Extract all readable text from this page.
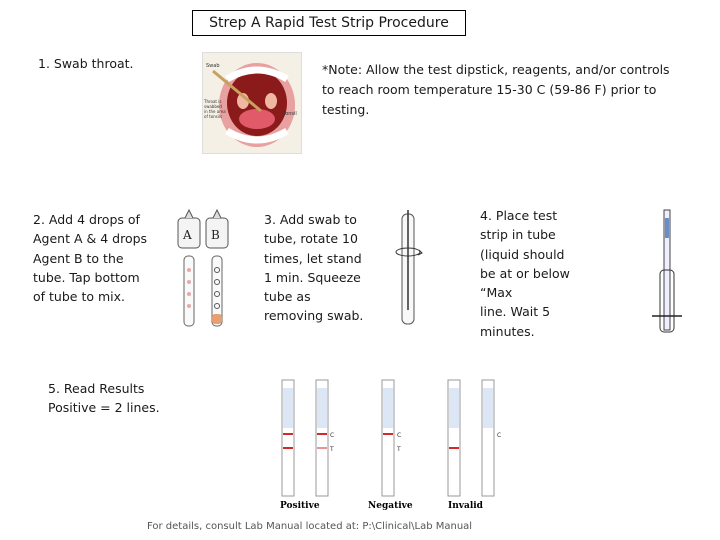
Strep A Rapid Test Strip Procedure
1. Swab throat.	Swab
Tonsil
Throat is swabbed in the area of tonsils
*Note: Allow the test dipstick, reagents, and/or controls to reach room temperature 15-30 C (59-86 F) prior to testing.
2. Add 4 drops of
Agent A & 4 drops
Agent B to the
tube. Tap bottom
of tube to mix.
A B
3. Add swab to
tube, rotate 10
times, let stand
1 min. Squeeze
tube as
removing swab.
4. Place test
strip in tube
(liquid should
be at or below
“Max
line. Wait 5
minutes.
5. Read Results
Positive = 2 lines.
C
T
C
T
C
Positive	Negative	Invalid
For details, consult Lab Manual located at: P:\Clinical\Lab Manual
